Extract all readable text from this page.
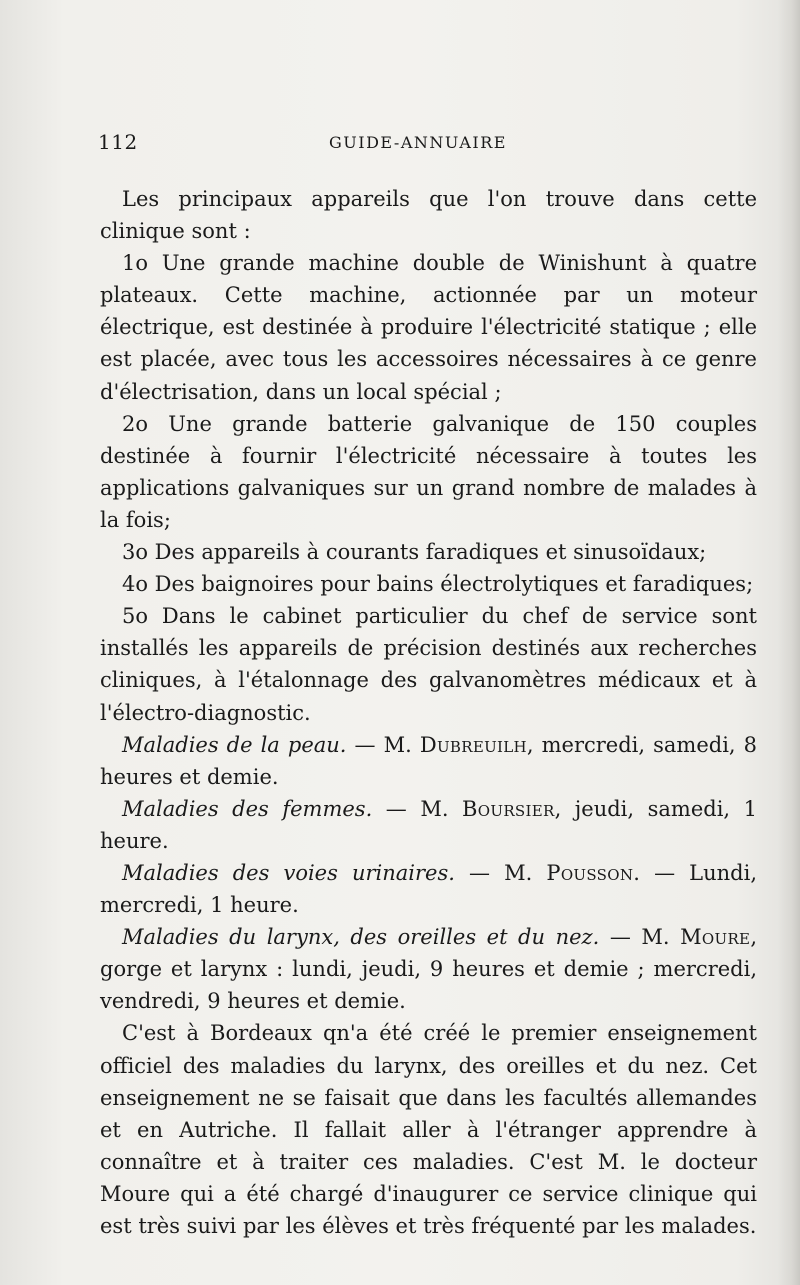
112	GUIDE-ANNUAIRE

Les principaux appareils que l'on trouve dans cette clinique sont :

1o Une grande machine double de Winishunt à quatre plateaux. Cette machine, actionnée par un moteur électrique, est destinée à produire l'électricité statique ; elle est placée, avec tous les accessoires nécessaires à ce genre d'électrisation, dans un local spécial ;

2o Une grande batterie galvanique de 150 couples destinée à fournir l'électricité nécessaire à toutes les applications galvaniques sur un grand nombre de malades à la fois;

3o Des appareils à courants faradiques et sinusoïdaux;

4o Des baignoires pour bains électrolytiques et faradiques;

5o Dans le cabinet particulier du chef de service sont installés les appareils de précision destinés aux recherches cliniques, à l'étalonnage des galvanomètres médicaux et à l'électro-diagnostic.

Maladies de la peau. — M. Dubreuilh, mercredi, samedi, 8 heures et demie.

Maladies des femmes. — M. Boursier, jeudi, samedi, 1 heure.

Maladies des voies urinaires. — M. Pousson. — Lundi, mercredi, 1 heure.

Maladies du larynx, des oreilles et du nez. — M. Moure, gorge et larynx : lundi, jeudi, 9 heures et demie ; mercredi, vendredi, 9 heures et demie.

C'est à Bordeaux qn'a été créé le premier enseignement officiel des maladies du larynx, des oreilles et du nez. Cet enseignement ne se faisait que dans les facultés allemandes et en Autriche. Il fallait aller à l'étranger apprendre à connaître et à traiter ces maladies. C'est M. le docteur Moure qui a été chargé d'inaugurer ce service clinique qui est très suivi par les élèves et très fréquenté par les malades.
